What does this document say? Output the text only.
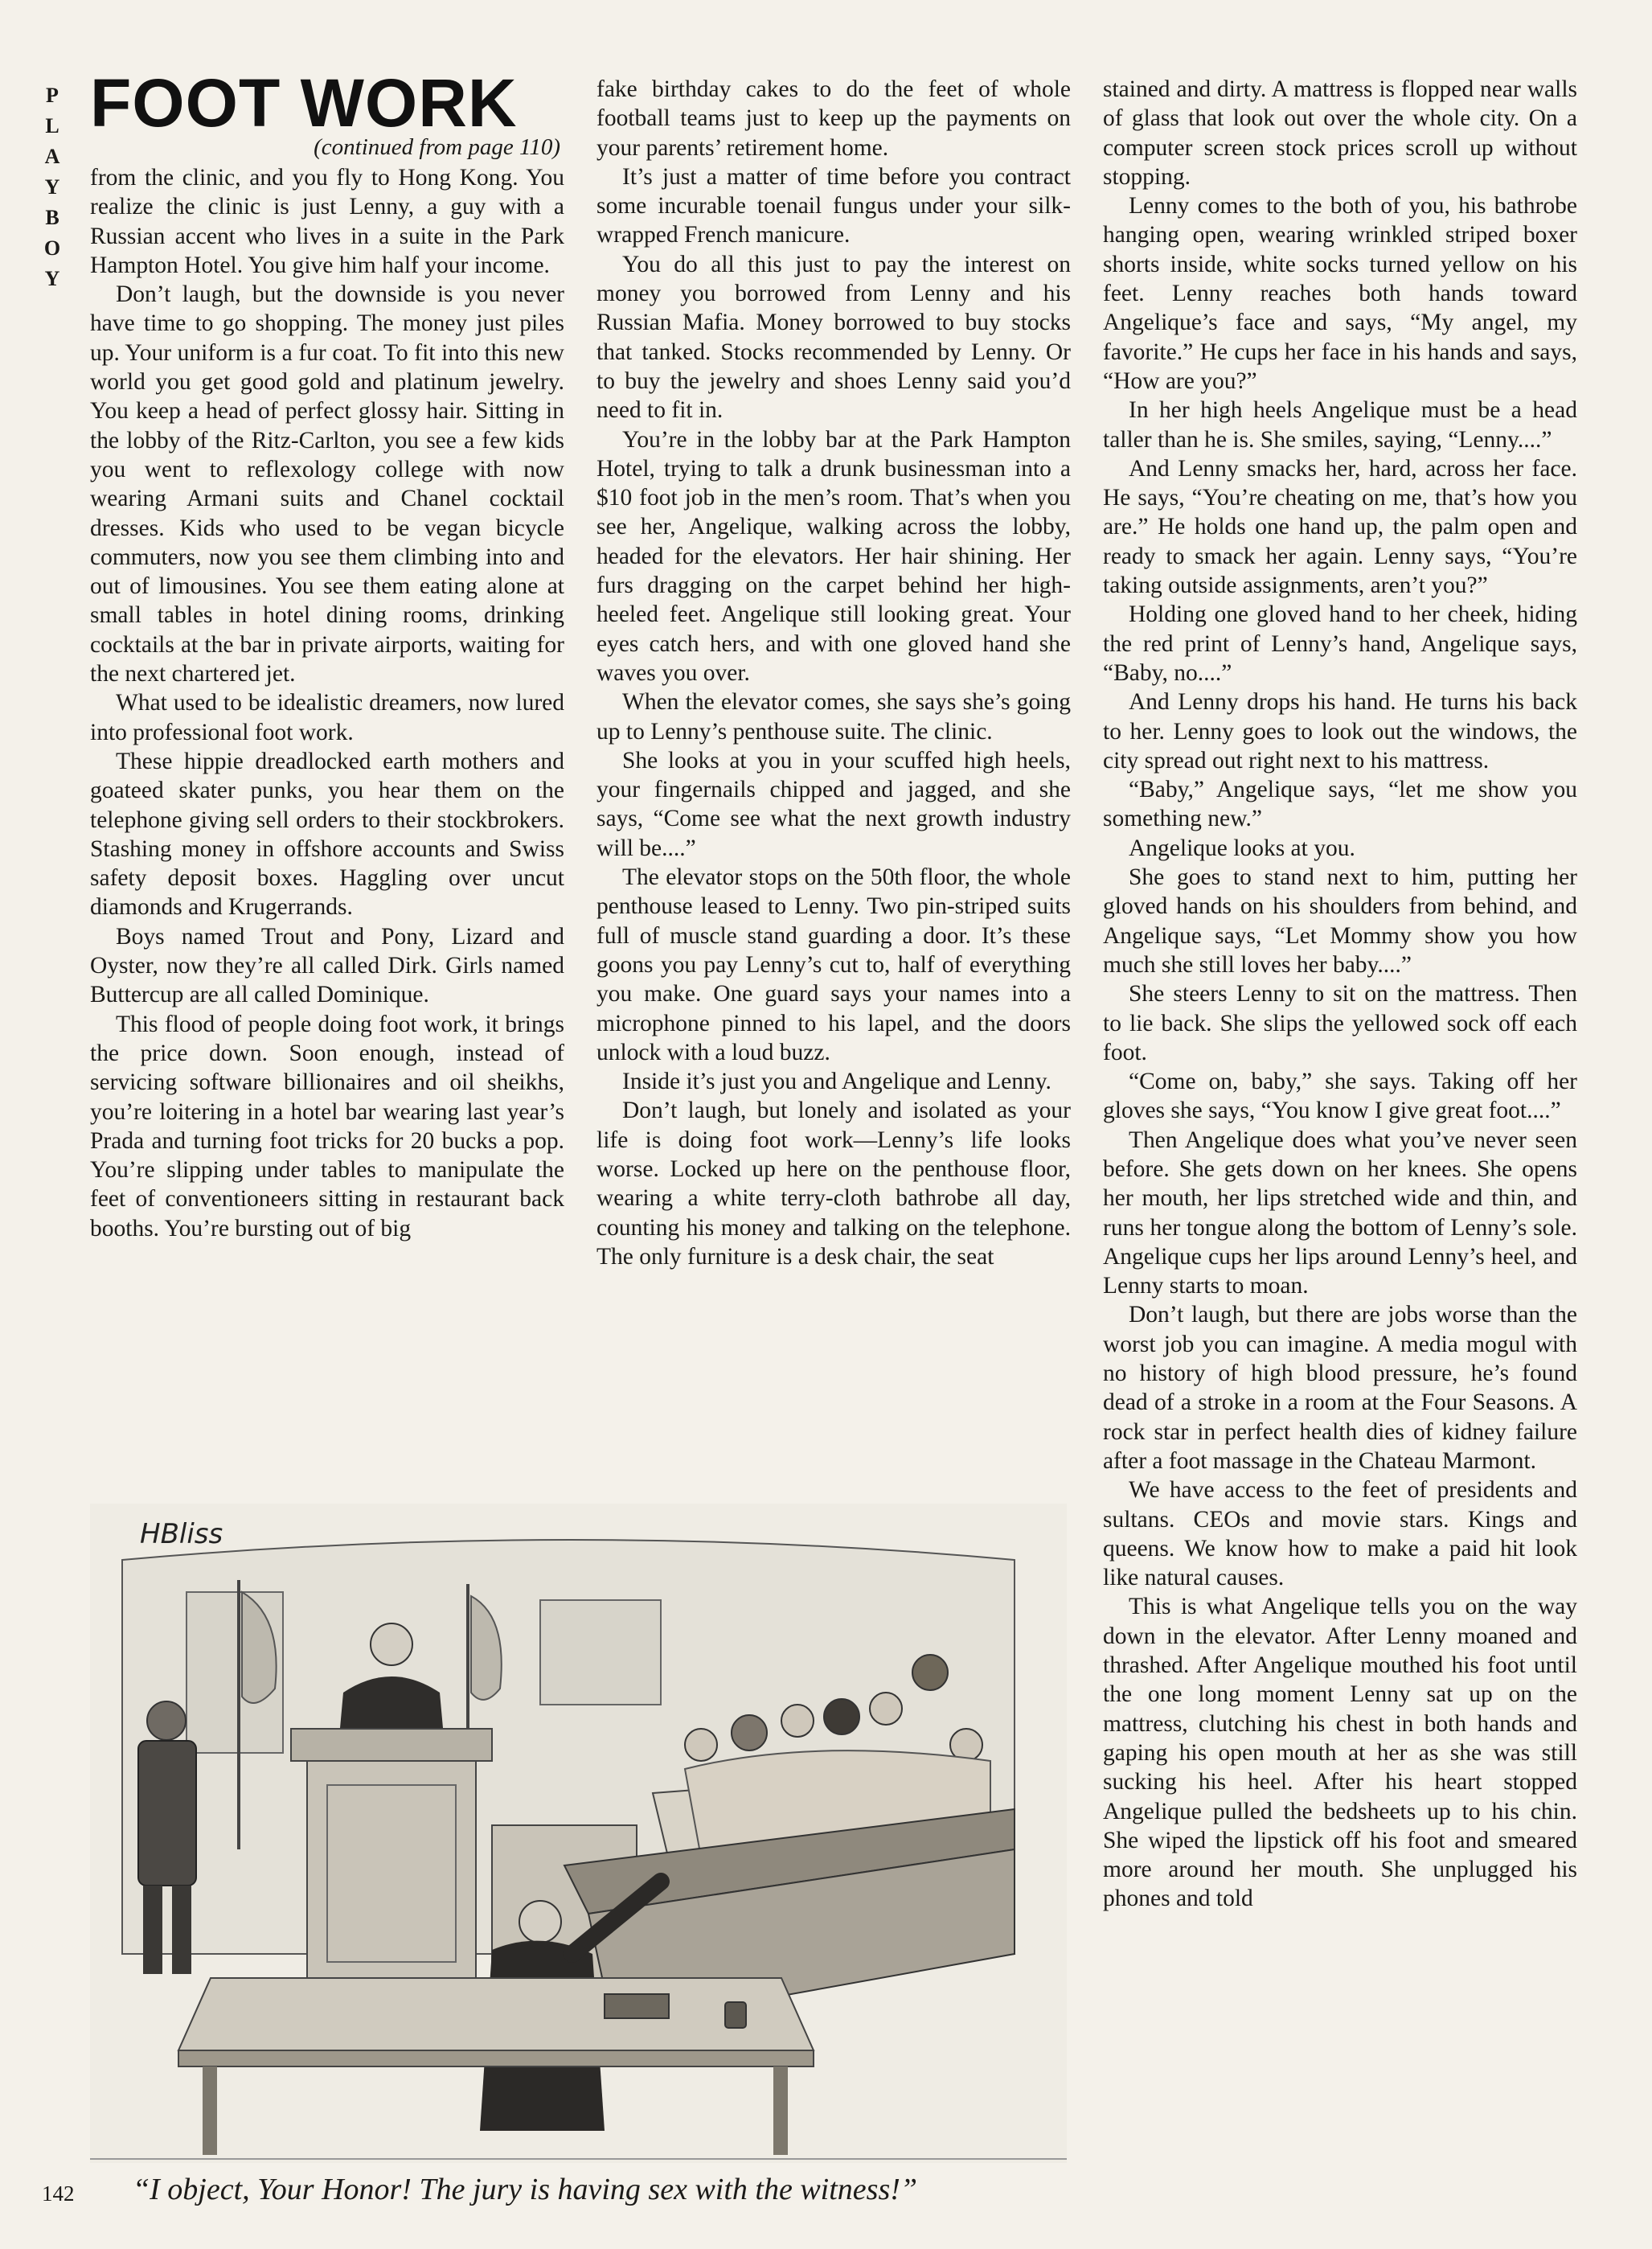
P
L
A
Y
B
O
Y
FOOT WORK
(continued from page 110)

from the clinic, and you fly to Hong Kong. You realize the clinic is just Lenny, a guy with a Russian accent who lives in a suite in the Park Hampton Hotel. You give him half your income.

Don’t laugh, but the downside is you never have time to go shopping. The money just piles up. Your uniform is a fur coat. To fit into this new world you get good gold and platinum jewelry. You keep a head of perfect glossy hair. Sitting in the lobby of the Ritz-Carlton, you see a few kids you went to reflexology college with now wearing Armani suits and Chanel cocktail dresses. Kids who used to be vegan bicycle commuters, now you see them climbing into and out of limousines. You see them eating alone at small tables in hotel dining rooms, drinking cocktails at the bar in private airports, waiting for the next chartered jet.

What used to be idealistic dreamers, now lured into professional foot work.

These hippie dreadlocked earth mothers and goateed skater punks, you hear them on the telephone giving sell orders to their stockbrokers. Stashing money in offshore accounts and Swiss safety deposit boxes. Haggling over uncut diamonds and Krugerrands.

Boys named Trout and Pony, Lizard and Oyster, now they’re all called Dirk. Girls named Buttercup are all called Dominique.

This flood of people doing foot work, it brings the price down. Soon enough, instead of servicing software billionaires and oil sheikhs, you’re loitering in a hotel bar wearing last year’s Prada and turning foot tricks for 20 bucks a pop. You’re slipping under tables to manipulate the feet of conventioneers sitting in restaurant back booths. You’re bursting out of big

fake birthday cakes to do the feet of whole football teams just to keep up the payments on your parents’ retirement home.

It’s just a matter of time before you contract some incurable toenail fungus under your silk-wrapped French manicure.

You do all this just to pay the interest on money you borrowed from Lenny and his Russian Mafia. Money borrowed to buy stocks that tanked. Stocks recommended by Lenny. Or to buy the jewelry and shoes Lenny said you’d need to fit in.

You’re in the lobby bar at the Park Hampton Hotel, trying to talk a drunk businessman into a $10 foot job in the men’s room. That’s when you see her, Angelique, walking across the lobby, headed for the elevators. Her hair shining. Her furs dragging on the carpet behind her high-heeled feet. Angelique still looking great. Your eyes catch hers, and with one gloved hand she waves you over.

When the elevator comes, she says she’s going up to Lenny’s penthouse suite. The clinic.

She looks at you in your scuffed high heels, your fingernails chipped and jagged, and she says, “Come see what the next growth industry will be....”

The elevator stops on the 50th floor, the whole penthouse leased to Lenny. Two pin-striped suits full of muscle stand guarding a door. It’s these goons you pay Lenny’s cut to, half of everything you make. One guard says your names into a microphone pinned to his lapel, and the doors unlock with a loud buzz.

Inside it’s just you and Angelique and Lenny.

Don’t laugh, but lonely and isolated as your life is doing foot work—Lenny’s life looks worse. Locked up here on the penthouse floor, wearing a white terry-cloth bathrobe all day, counting his money and talking on the telephone. The only furniture is a desk chair, the seat

stained and dirty. A mattress is flopped near walls of glass that look out over the whole city. On a computer screen stock prices scroll up without stopping.

Lenny comes to the both of you, his bathrobe hanging open, wearing wrinkled striped boxer shorts inside, white socks turned yellow on his feet. Lenny reaches both hands toward Angelique’s face and says, “My angel, my favorite.” He cups her face in his hands and says, “How are you?”

In her high heels Angelique must be a head taller than he is. She smiles, saying, “Lenny....”

And Lenny smacks her, hard, across her face. He says, “You’re cheating on me, that’s how you are.” He holds one hand up, the palm open and ready to smack her again. Lenny says, “You’re taking outside assignments, aren’t you?”

Holding one gloved hand to her cheek, hiding the red print of Lenny’s hand, Angelique says, “Baby, no....”

And Lenny drops his hand. He turns his back to her. Lenny goes to look out the windows, the city spread out right next to his mattress.

“Baby,” Angelique says, “let me show you something new.”

Angelique looks at you.

She goes to stand next to him, putting her gloved hands on his shoulders from behind, and Angelique says, “Let Mommy show you how much she still loves her baby....”

She steers Lenny to sit on the mattress. Then to lie back. She slips the yellowed sock off each foot.

“Come on, baby,” she says. Taking off her gloves she says, “You know I give great foot....”

Then Angelique does what you’ve never seen before. She gets down on her knees. She opens her mouth, her lips stretched wide and thin, and runs her tongue along the bottom of Lenny’s sole. Angelique cups her lips around Lenny’s heel, and Lenny starts to moan.

Don’t laugh, but there are jobs worse than the worst job you can imagine. A media mogul with no history of high blood pressure, he’s found dead of a stroke in a room at the Four Seasons. A rock star in perfect health dies of kidney failure after a foot massage in the Chateau Marmont.

We have access to the feet of presidents and sultans. CEOs and movie stars. Kings and queens. We know how to make a paid hit look like natural causes.

This is what Angelique tells you on the way down in the elevator. After Lenny moaned and thrashed. After Angelique mouthed his foot until the one long moment Lenny sat up on the mattress, clutching his chest in both hands and gaping his open mouth at her as she was still sucking his heel. After his heart stopped Angelique pulled the bedsheets up to his chin. She wiped the lipstick off his foot and smeared more around her mouth. She unplugged his phones and told

HBliss
142 “I object, Your Honor! The jury is having sex with the witness!”
